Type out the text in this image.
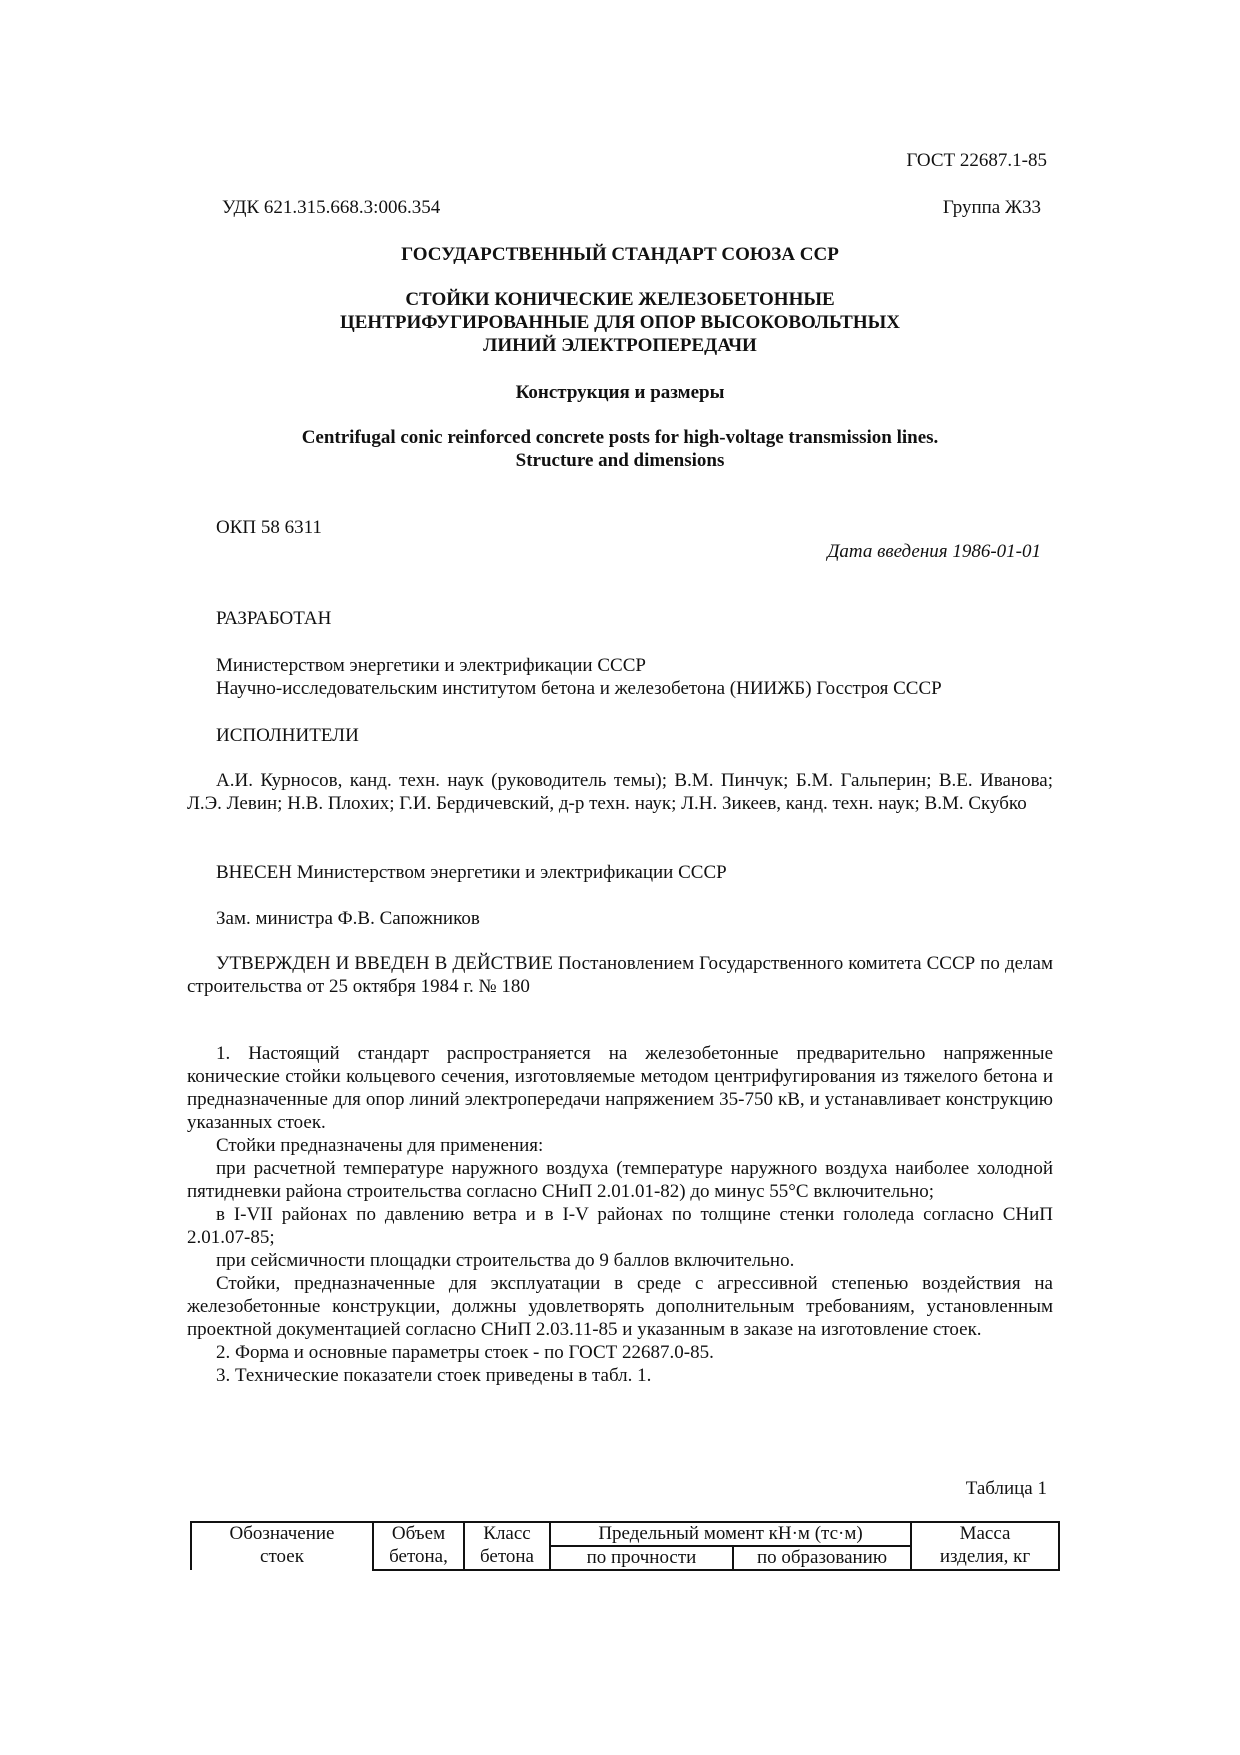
ГОСТ 22687.1-85
УДК 621.315.668.3:006.354	Группа Ж33
ГОСУДАРСТВЕННЫЙ СТАНДАРТ СОЮЗА ССР
СТОЙКИ КОНИЧЕСКИЕ ЖЕЛЕЗОБЕТОННЫЕ
ЦЕНТРИФУГИРОВАННЫЕ ДЛЯ ОПОР ВЫСОКОВОЛЬТНЫХ
ЛИНИЙ ЭЛЕКТРОПЕРЕДАЧИ
Конструкция и размеры
Centrifugal conic reinforced concrete posts for high-voltage transmission lines.
Structure and dimensions
ОКП 58 6311
Дата введения 1986-01-01

РАЗРАБОТАН

Министерством энергетики и электрификации СССР

Научно-исследовательским институтом бетона и железобетона (НИИЖБ) Госстроя СССР

ИСПОЛНИТЕЛИ

А.И. Курносов, канд. техн. наук (руководитель темы); В.М. Пинчук; Б.М. Гальперин; В.Е. Иванова; Л.Э. Левин; Н.В. Плохих; Г.И. Бердичевский, д-р техн. наук; Л.Н. Зикеев, канд. техн. наук; В.М. Скубко

ВНЕСЕН Министерством энергетики и электрификации СССР

Зам. министра Ф.В. Сапожников

УТВЕРЖДЕН И ВВЕДЕН В ДЕЙСТВИЕ Постановлением Государственного комитета СССР по делам строительства от 25 октября 1984 г. № 180

1. Настоящий стандарт распространяется на железобетонные предварительно напряженные конические стойки кольцевого сечения, изготовляемые методом центрифугирования из тяжелого бетона и предназначенные для опор линий электропередачи напряжением 35-750 кВ, и устанавливает конструкцию указанных стоек.

Стойки предназначены для применения:

при расчетной температуре наружного воздуха (температуре наружного воздуха наиболее холодной пятидневки района строительства согласно СНиП 2.01.01-82) до минус 55°С включительно;

в I-VII районах по давлению ветра и в I-V районах по толщине стенки гололеда согласно СНиП 2.01.07-85;

при сейсмичности площадки строительства до 9 баллов включительно.

Стойки, предназначенные для эксплуатации в среде с агрессивной степенью воздействия на железобетонные конструкции, должны удовлетворять дополнительным требованиям, установленным проектной документацией согласно СНиП 2.03.11-85 и указанным в заказе на изготовление стоек.

2. Форма и основные параметры стоек - по ГОСТ 22687.0-85.

3. Технические показатели стоек приведены в табл. 1.

Таблица 1
Обозначение	Объем	Класс	Предельный момент кН·м (тс·м)		Масса
стоек	бетона,	бетона	по прочности	по образованию	изделия, кг
